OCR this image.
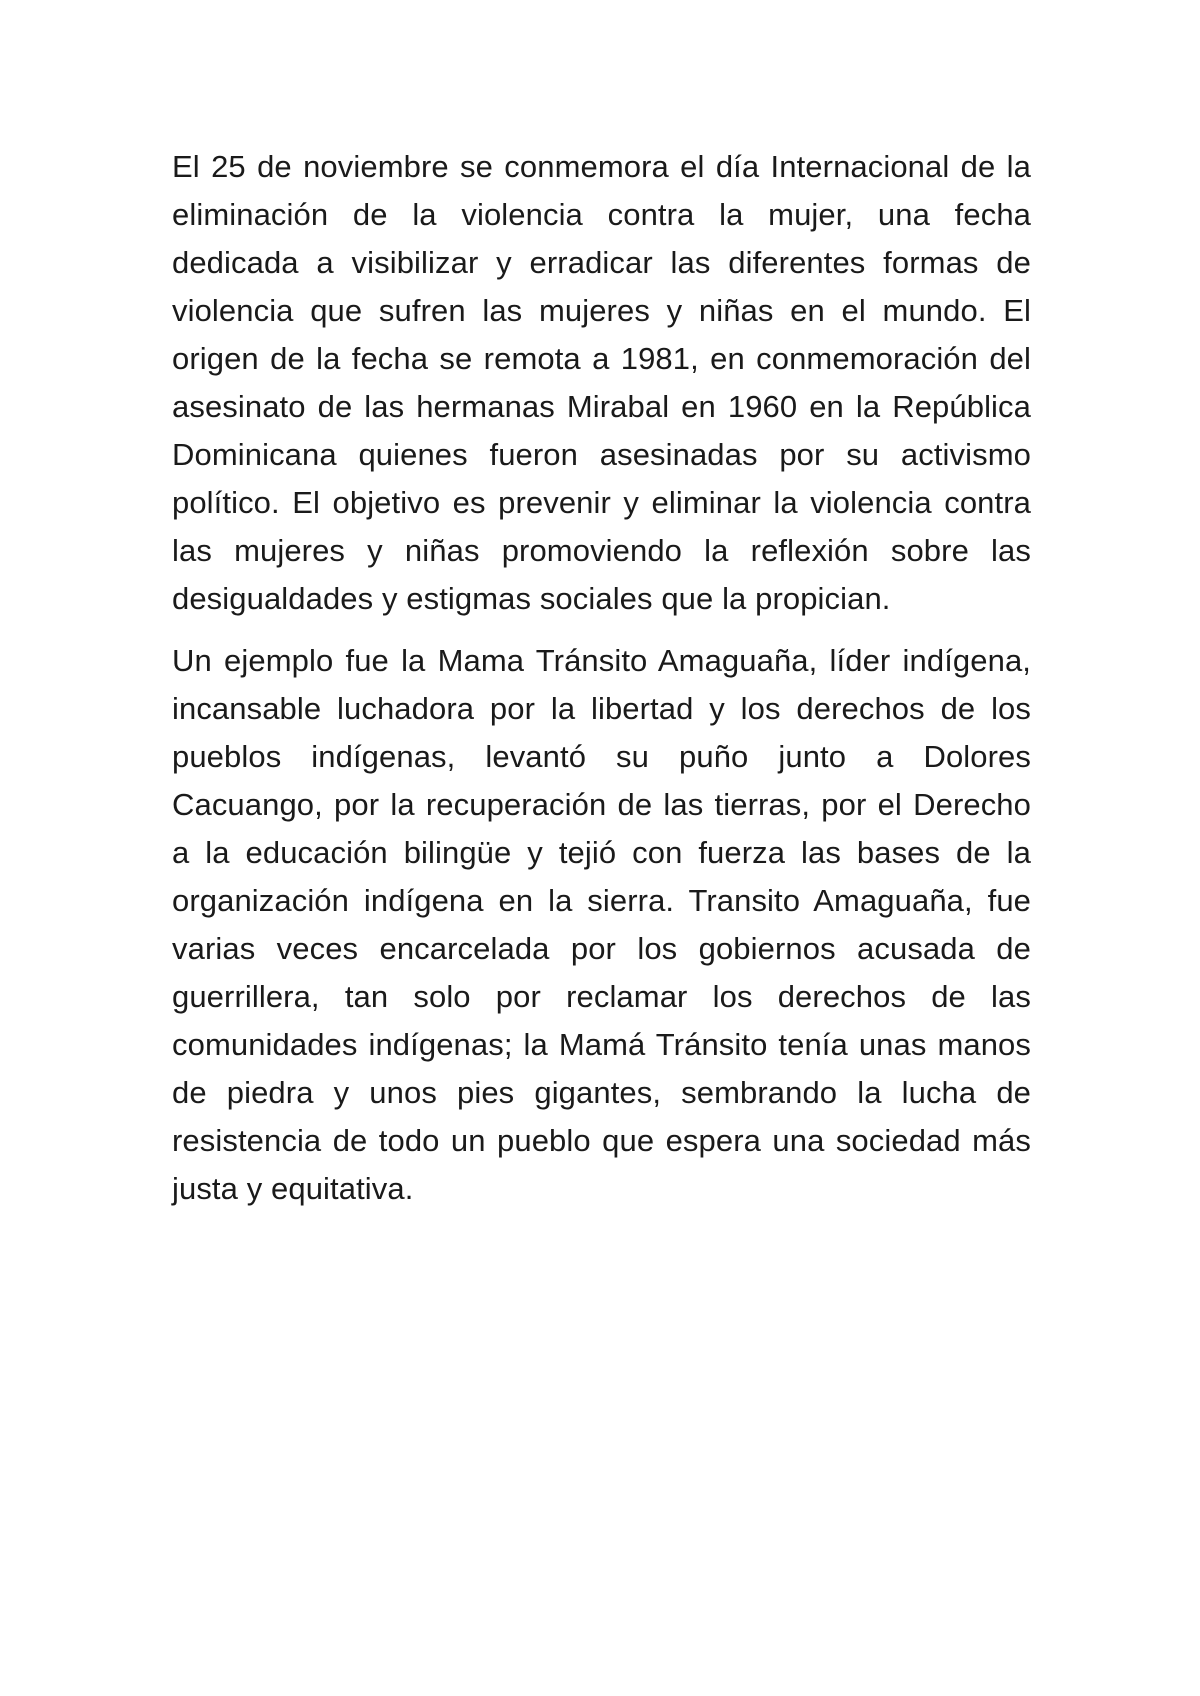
El 25 de noviembre se conmemora el día Internacional de la eliminación de la violencia contra la mujer, una fecha dedicada a visibilizar y erradicar las diferentes formas de violencia que sufren las mujeres y niñas en el mundo. El origen de la fecha se remota a 1981, en conmemoración del asesinato de las hermanas Mirabal en 1960 en la República Dominicana quienes fueron asesinadas por su activismo político. El objetivo es prevenir y eliminar la violencia contra las mujeres y niñas promoviendo la reflexión sobre las desigualdades y estigmas sociales que la propician.

Un ejemplo fue la Mama Tránsito Amaguaña, líder indígena, incansable luchadora por la libertad y los derechos de los pueblos indígenas, levantó su puño junto a Dolores Cacuango, por la recuperación de las tierras, por el Derecho a la educación bilingüe y tejió con fuerza las bases de la organización indígena en la sierra. Transito Amaguaña, fue varias veces encarcelada por los gobiernos acusada de guerrillera, tan solo por reclamar los derechos de las comunidades indígenas; la Mamá Tránsito tenía unas manos de piedra y unos pies gigantes, sembrando la lucha de resistencia de todo un pueblo que espera una sociedad más justa y equitativa.
